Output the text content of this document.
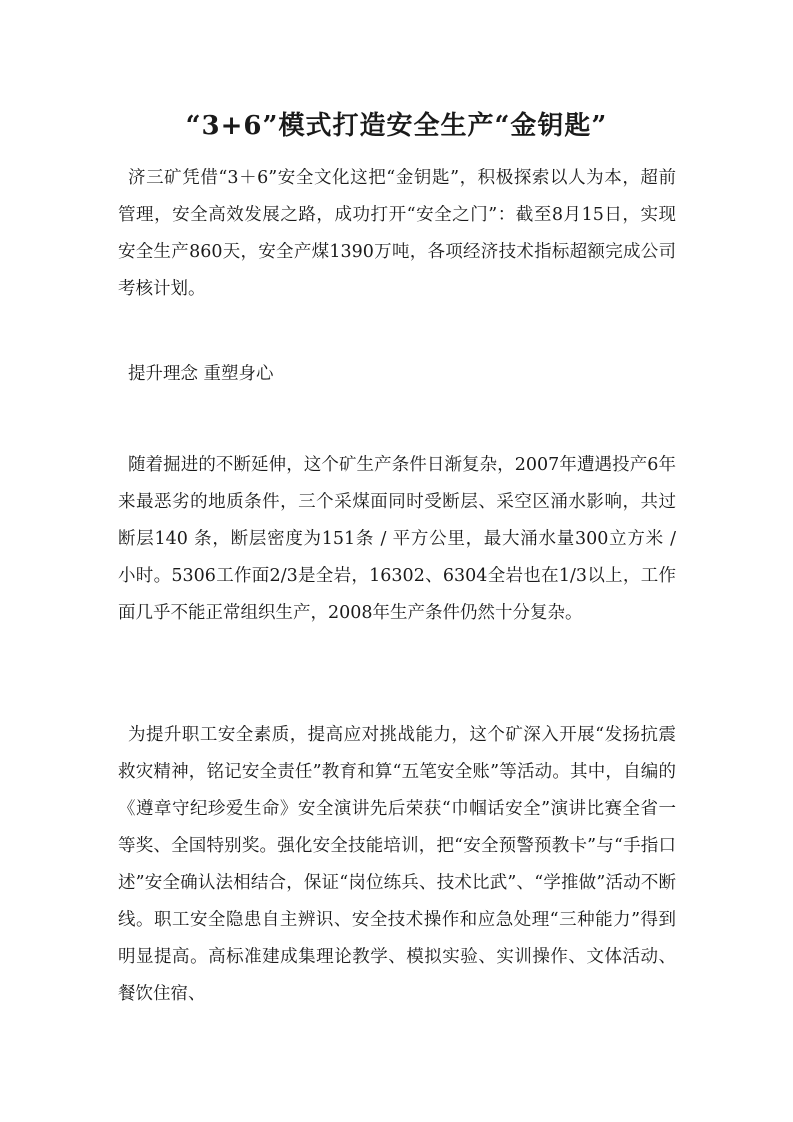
“3+6”模式打造安全生产“金钥匙”

济三矿凭借“3＋6”安全文化这把“金钥匙”，积极探索以人为本，超前管理，安全高效发展之路，成功打开“安全之门”：截至8月15日，实现安全生产860天，安全产煤1390万吨，各项经济技术指标超额完成公司考核计划。

提升理念 重塑身心

随着掘进的不断延伸，这个矿生产条件日渐复杂，2007年遭遇投产6年来最恶劣的地质条件，三个采煤面同时受断层、采空区涌水影响，共过断层140 条，断层密度为151条 / 平方公里，最大涌水量300立方米 / 小时。5306工作面2/3是全岩，16302、6304全岩也在1/3以上，工作面几乎不能正常组织生产，2008年生产条件仍然十分复杂。

为提升职工安全素质，提高应对挑战能力，这个矿深入开展“发扬抗震救灾精神，铭记安全责任”教育和算“五笔安全账”等活动。其中，自编的《遵章守纪珍爱生命》安全演讲先后荣获“巾帼话安全”演讲比赛全省一等奖、全国特别奖。强化安全技能培训，把“安全预警预教卡”与“手指口述”安全确认法相结合，保证“岗位练兵、技术比武”、“学推做”活动不断线。职工安全隐患自主辨识、安全技术操作和应急处理“三种能力”得到明显提高。高标准建成集理论教学、模拟实验、实训操作、文体活动、餐饮住宿、
